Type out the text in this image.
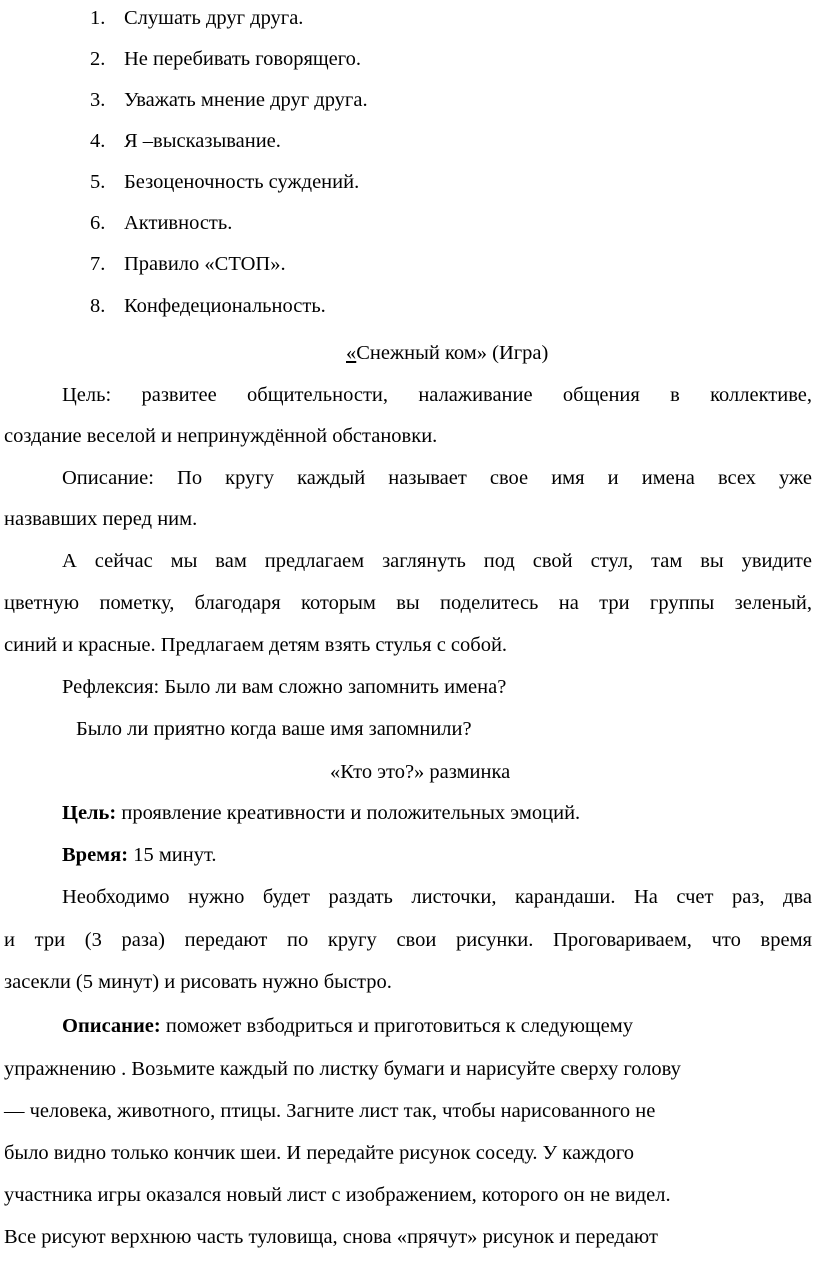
1. Слушать друг друга.
2. Не перебивать говорящего.
3. Уважать мнение друг друга.
4. Я –высказывание.
5. Безоценочность суждений.
6. Активность.
7. Правило «СТОП».
8. Конфедециональность.
«Снежный ком» (Игра)
Цель: развитее общительности, налаживание общения в коллективе,
создание веселой и непринуждённой обстановки.
Описание: По кругу каждый называет свое имя и имена всех уже
назвавших перед ним.
А сейчас мы вам предлагаем заглянуть под свой стул, там вы увидите
цветную пометку, благодаря которым вы поделитесь на три группы зеленый,
синий и красные. Предлагаем детям взять стулья с собой.
Рефлексия: Было ли вам сложно запомнить имена?
Было ли приятно когда ваше имя запомнили?
«Кто это?» разминка
Цель: проявление креативности и положительных эмоций.
Время: 15 минут.
Необходимо нужно будет раздать листочки, карандаши. На счет раз, два
и три (3 раза) передают по кругу свои рисунки. Проговариваем, что время
засекли (5 минут) и рисовать нужно быстро.
Описание: поможет взбодриться и приготовиться к следующему
упражнению . Возьмите каждый по листку бумаги и нарисуйте сверху голову
— человека, животного, птицы. Загните лист так, чтобы нарисованного не
было видно только кончик шеи. И передайте рисунок соседу. У каждого
участника игры оказался новый лист с изображением, которого он не видел.
Все рисуют верхнюю часть туловища, снова «прячут» рисунок и передают
